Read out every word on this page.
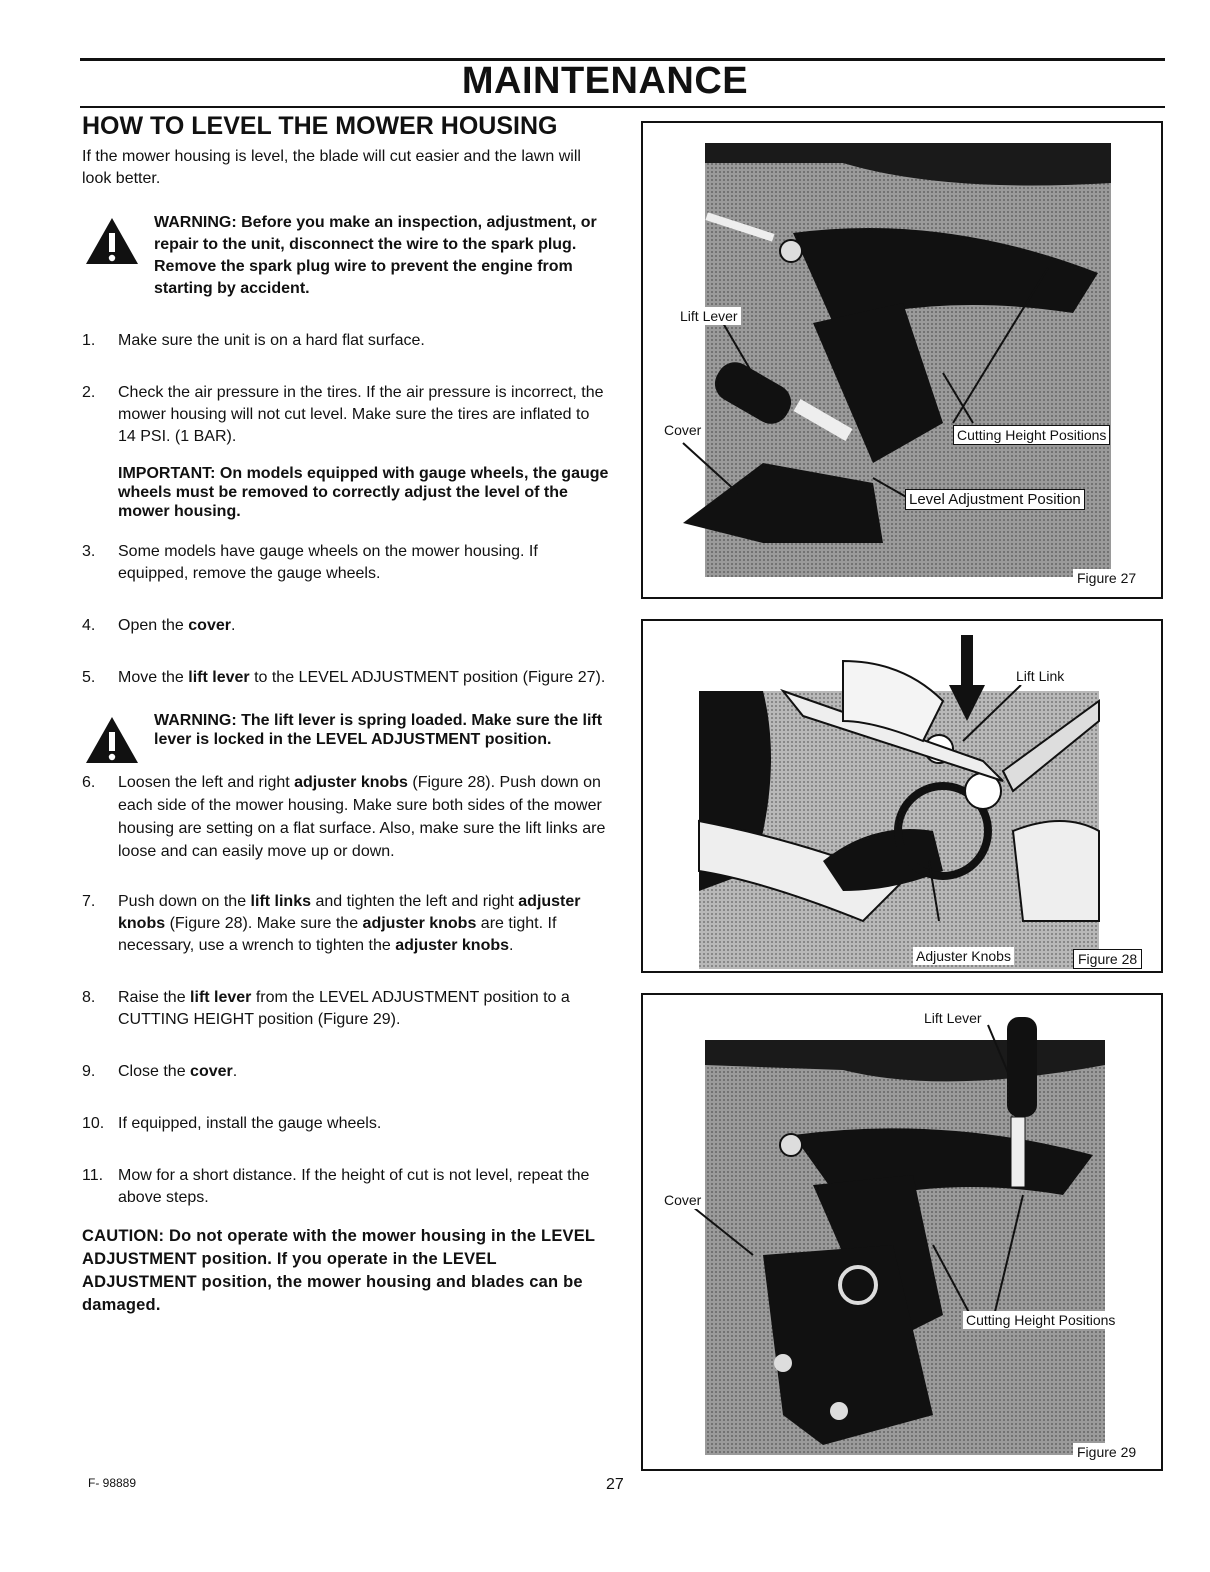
MAINTENANCE
HOW TO LEVEL THE MOWER HOUSING

If the mower housing is level, the blade will cut easier and the lawn will look better.

WARNING: Before you make an inspection, adjustment, or repair to the unit, disconnect the wire to the spark plug. Remove the spark plug wire to prevent the engine from starting by accident.

1. Make sure the unit is on a hard flat surface.
2. Check the air pressure in the tires. If the air pressure is incorrect, the mower housing will not cut level. Make sure the tires are inflated to 14 PSI. (1 BAR).

IMPORTANT: On models equipped with gauge wheels, the gauge wheels must be removed to correctly adjust the level of the mower housing.

3. Some models have gauge wheels on the mower housing. If equipped, remove the gauge wheels.
4. Open the cover.
5. Move the lift lever to the LEVEL ADJUSTMENT position (Figure 27).

WARNING: The lift lever is spring loaded. Make sure the lift lever is locked in the LEVEL ADJUSTMENT position.

6. Loosen the left and right adjuster knobs (Figure 28). Push down on each side of the mower housing. Make sure both sides of the mower housing are setting on a flat surface. Also, make sure the lift links are loose and can easily move up or down.
7. Push down on the lift links and tighten the left and right adjuster knobs (Figure 28). Make sure the adjuster knobs are tight. If necessary, use a wrench to tighten the adjuster knobs.
8. Raise the lift lever from the LEVEL ADJUSTMENT position to a CUTTING HEIGHT position (Figure 29).
9. Close the cover.
10. If equipped, install the gauge wheels.
11. Mow for a short distance. If the height of cut is not level, repeat the above steps.

CAUTION: Do not operate with the mower housing in the LEVEL ADJUSTMENT position. If you operate in the LEVEL ADJUSTMENT position, the mower housing and blades can be damaged.

F- 98889	27
Lift Lever
Cover	Cutting Height Positions
Level Adjustment Position
Figure 27
Lift Link
Adjuster Knobs	Figure 28
Lift Lever
Cover
Cutting Height Positions
Figure 29
